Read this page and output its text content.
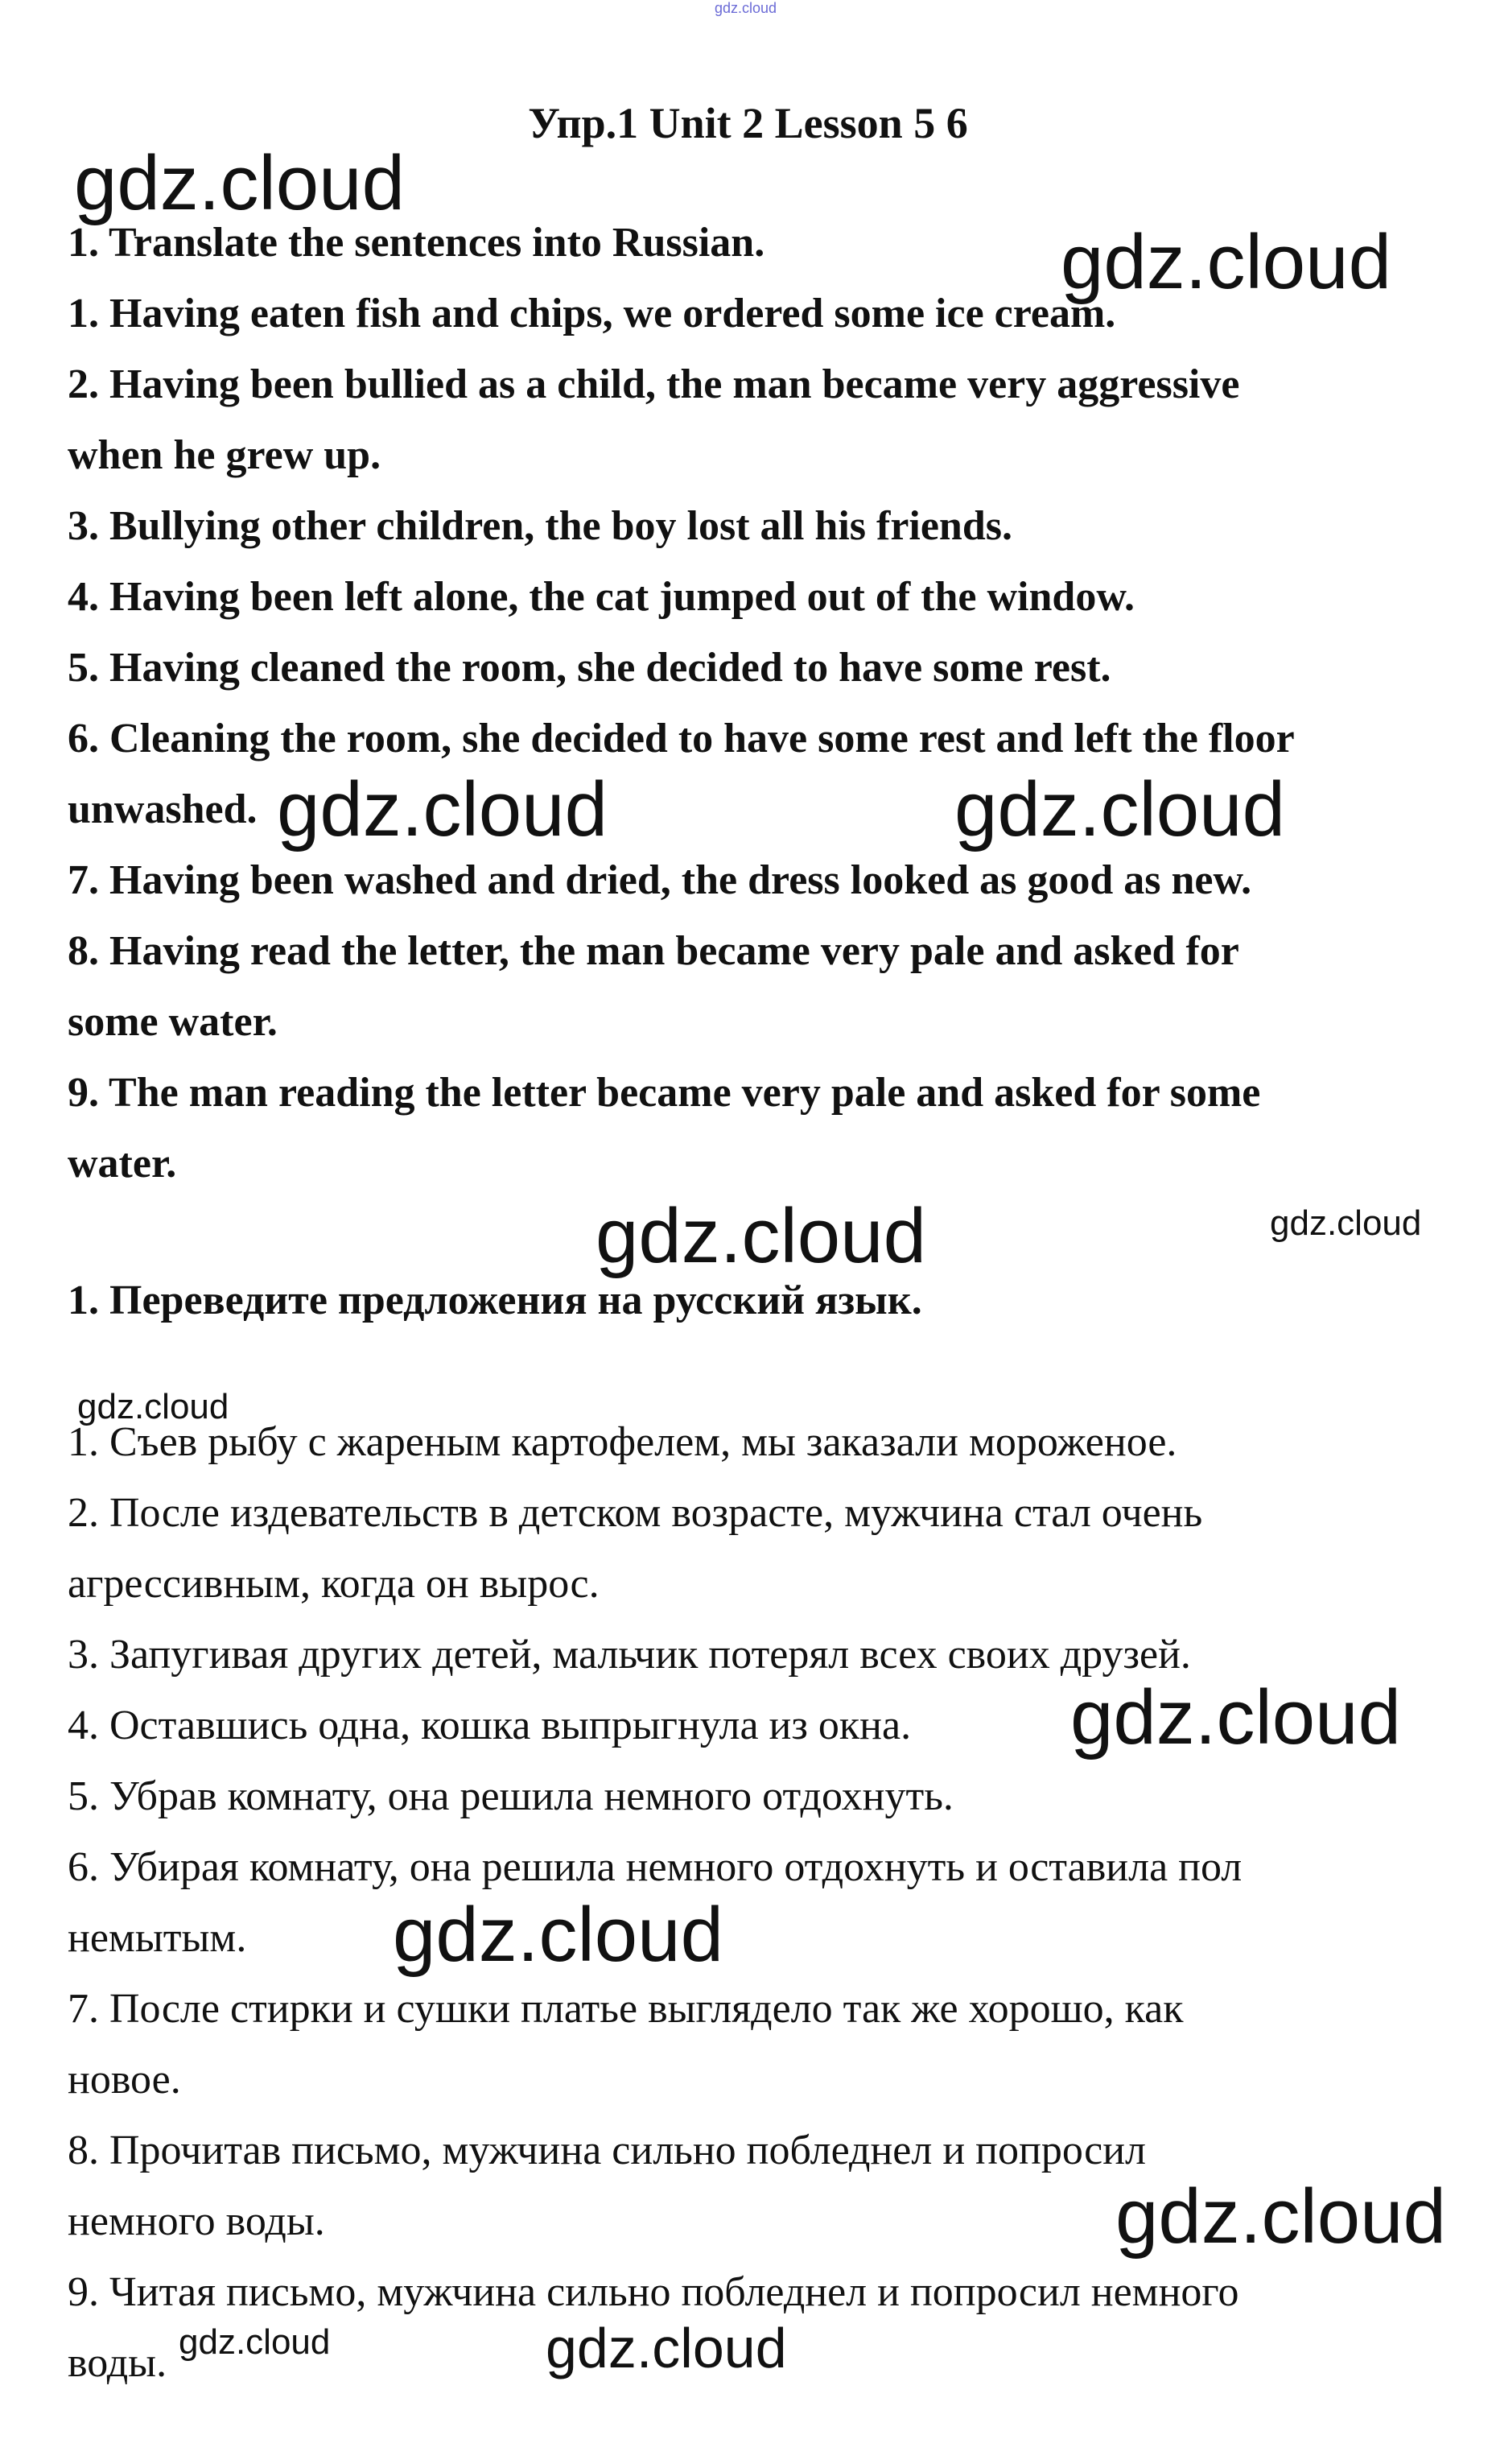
gdz.cloud
Упр.1 Unit 2 Lesson 5 6
1. Translate the sentences into Russian.
1. Having eaten fish and chips, we ordered some ice cream.
2. Having been bullied as a child, the man became very aggressive
when he grew up.
3. Bullying other children, the boy lost all his friends.
4. Having been left alone, the cat jumped out of the window.
5. Having cleaned the room, she decided to have some rest.
6. Cleaning the room, she decided to have some rest and left the floor
unwashed.
7. Having been washed and dried, the dress looked as good as new.
8. Having read the letter, the man became very pale and asked for
some water.
9. The man reading the letter became very pale and asked for some
water.
1. Переведите предложения на русский язык.
1. Съев рыбу с жареным картофелем, мы заказали мороженое.
2. После издевательств в детском возрасте, мужчина стал очень
агрессивным, когда он вырос.
3. Запугивая других детей, мальчик потерял всех своих друзей.
4. Оставшись одна, кошка выпрыгнула из окна.
5. Убрав комнату, она решила немного отдохнуть.
6. Убирая комнату, она решила немного отдохнуть и оставила пол
немытым.
7. После стирки и сушки платье выглядело так же хорошо, как
новое.
8. Прочитав письмо, мужчина сильно побледнел и попросил
немного воды.
9. Читая письмо, мужчина сильно побледнел и попросил немного
воды.
gdz.cloud
gdz.cloud
gdz.cloud	gdz.cloud
gdz.cloud	gdz.cloud
gdz.cloud
gdz.cloud
gdz.cloud
gdz.cloud
gdz.cloud	gdz.cloud
